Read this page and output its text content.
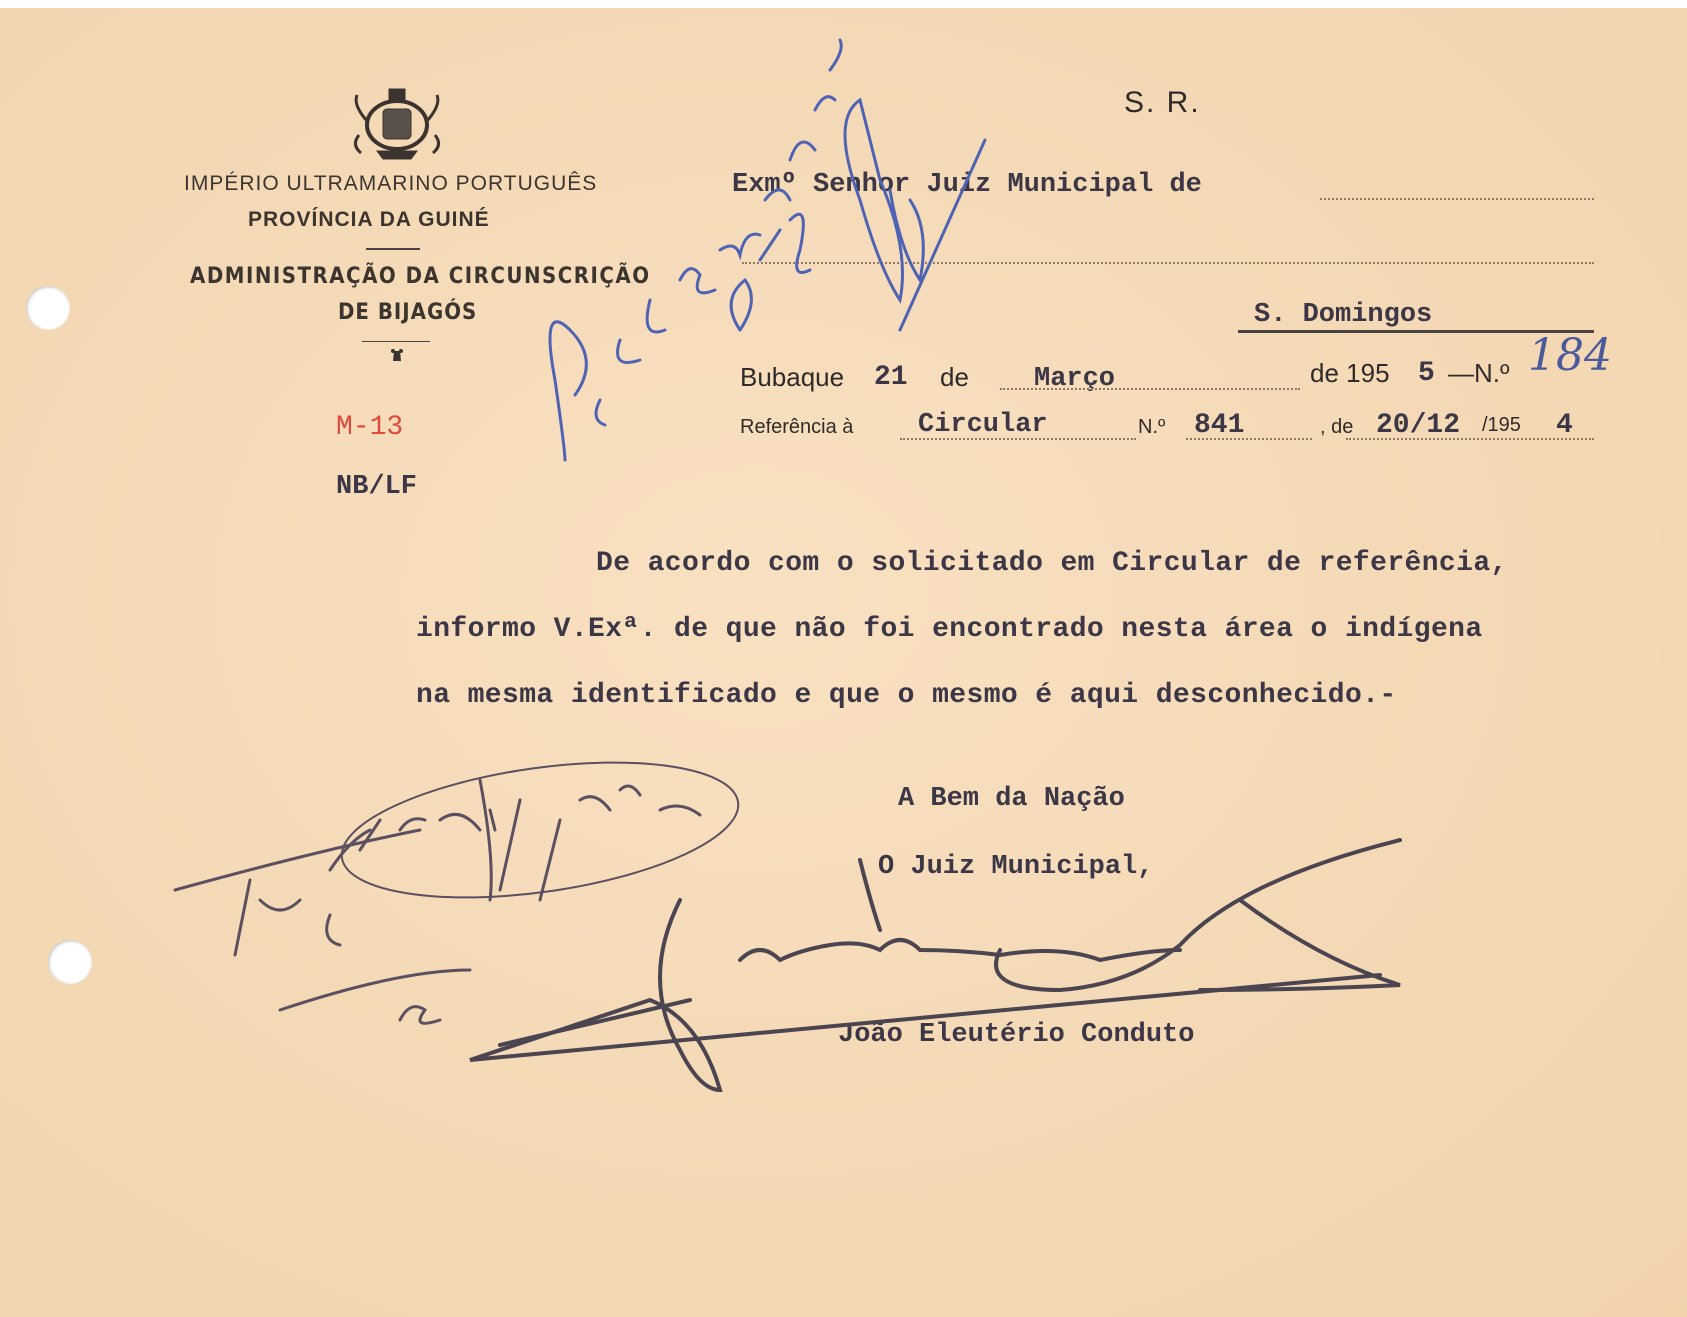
IMPÉRIO ULTRAMARINO PORTUGUÊS
PROVÍNCIA DA GUINÉ
ADMINISTRAÇÃO DA CIRCUNSCRIÇÃO
DE BIJAGÓS
M-13
NB/LF
S. R.
Exmº Senhor Juiz Municipal de
S. Domingos
Bubaque 21 de Março	de 195 5 —N.º 184
Referência à Circular	N.º 841	, de 20/12 /195 4
De acordo com o solicitado em Circular de referência,
informo V.Exª. de que não foi encontrado nesta área o indígena
na mesma identificado e que o mesmo é aqui desconhecido.-
A Bem da Nação
O Juiz Municipal,
João Eleutério Conduto
